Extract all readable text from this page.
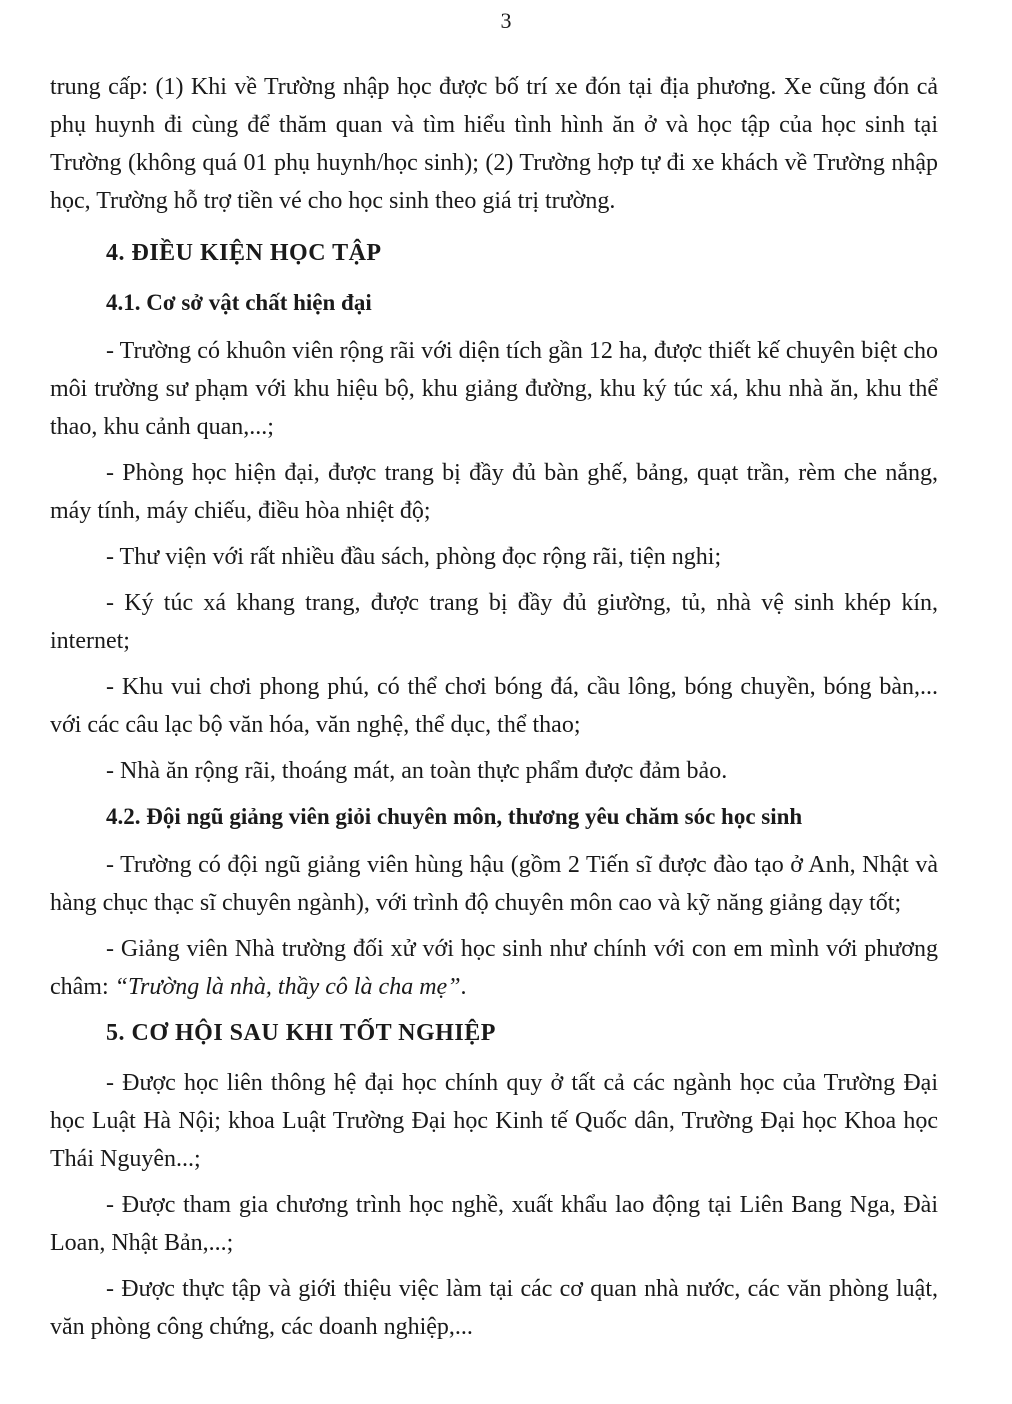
3

trung cấp: (1) Khi về Trường nhập học được bố trí xe đón tại địa phương. Xe cũng đón cả phụ huynh đi cùng để thăm quan và tìm hiểu tình hình ăn ở và học tập của học sinh tại Trường (không quá 01 phụ huynh/học sinh); (2) Trường hợp tự đi xe khách về Trường nhập học, Trường hỗ trợ tiền vé cho học sinh theo giá trị trường.

4. ĐIỀU KIỆN HỌC TẬP
4.1. Cơ sở vật chất hiện đại

- Trường có khuôn viên rộng rãi với diện tích gần 12 ha, được thiết kế chuyên biệt cho môi trường sư phạm với khu hiệu bộ, khu giảng đường, khu ký túc xá, khu nhà ăn, khu thể thao, khu cảnh quan,...;

- Phòng học hiện đại, được trang bị đầy đủ bàn ghế, bảng, quạt trần, rèm che nắng, máy tính, máy chiếu, điều hòa nhiệt độ;

- Thư viện với rất nhiều đầu sách, phòng đọc rộng rãi, tiện nghi;

- Ký túc xá khang trang, được trang bị đầy đủ giường, tủ, nhà vệ sinh khép kín, internet;

- Khu vui chơi phong phú, có thể chơi bóng đá, cầu lông, bóng chuyền, bóng bàn,... với các câu lạc bộ văn hóa, văn nghệ, thể dục, thể thao;

- Nhà ăn rộng rãi, thoáng mát, an toàn thực phẩm được đảm bảo.

4.2. Đội ngũ giảng viên giỏi chuyên môn, thương yêu chăm sóc học sinh

- Trường có đội ngũ giảng viên hùng hậu (gồm 2 Tiến sĩ được đào tạo ở Anh, Nhật và hàng chục thạc sĩ chuyên ngành), với trình độ chuyên môn cao và kỹ năng giảng dạy tốt;

- Giảng viên Nhà trường đối xử với học sinh như chính với con em mình với phương châm: “Trường là nhà, thầy cô là cha mẹ”.

5. CƠ HỘI SAU KHI TỐT NGHIỆP

- Được học liên thông hệ đại học chính quy ở tất cả các ngành học của Trường Đại học Luật Hà Nội; khoa Luật Trường Đại học Kinh tế Quốc dân, Trường Đại học Khoa học Thái Nguyên...;

- Được tham gia chương trình học nghề, xuất khẩu lao động tại Liên Bang Nga, Đài Loan, Nhật Bản,...;

- Được thực tập và giới thiệu việc làm tại các cơ quan nhà nước, các văn phòng luật, văn phòng công chứng, các doanh nghiệp,...
